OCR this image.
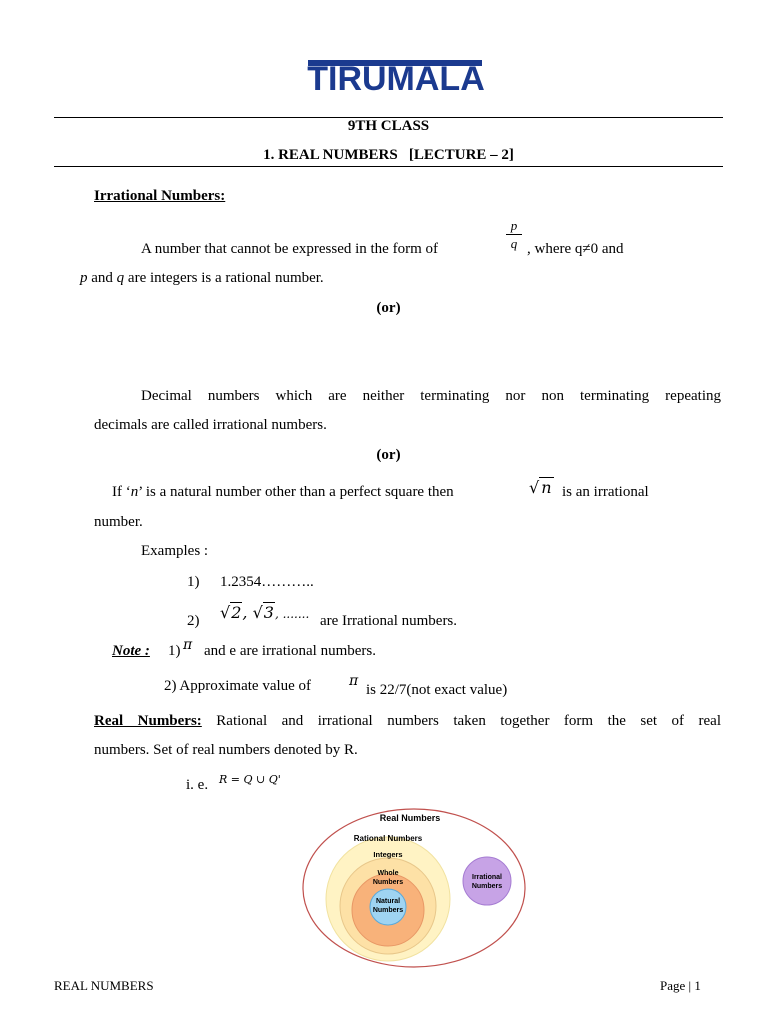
TIRUMALA
9TH CLASS
1. REAL NUMBERS   [LECTURE – 2]
Irrational Numbers:
A number that cannot be expressed in the form of
p
q , where q≠0 and
p and q are integers is a rational number.
(or)
Decimal numbers which are neither terminating nor non terminating repeating
decimals are called irrational numbers.
(or)
If ‘n’ is a natural number other than a perfect square then	√ n is an irrational
number.
Examples :
1) 1.2354………..
2) √2, √3, ....... are Irrational numbers.
Note : 1) π and e are irrational numbers.
2) Approximate value of	π
is 22/7(not exact value)
Real Numbers: Rational and irrational numbers taken together form the set of real
numbers. Set of real numbers denoted by R.
i. e. R = Q ∪ Q'
Real Numbers
Rational Numbers
Integers
Whole
Numbers
Natural
Numbers
Irrational
Numbers
REAL NUMBERS	Page | 1
